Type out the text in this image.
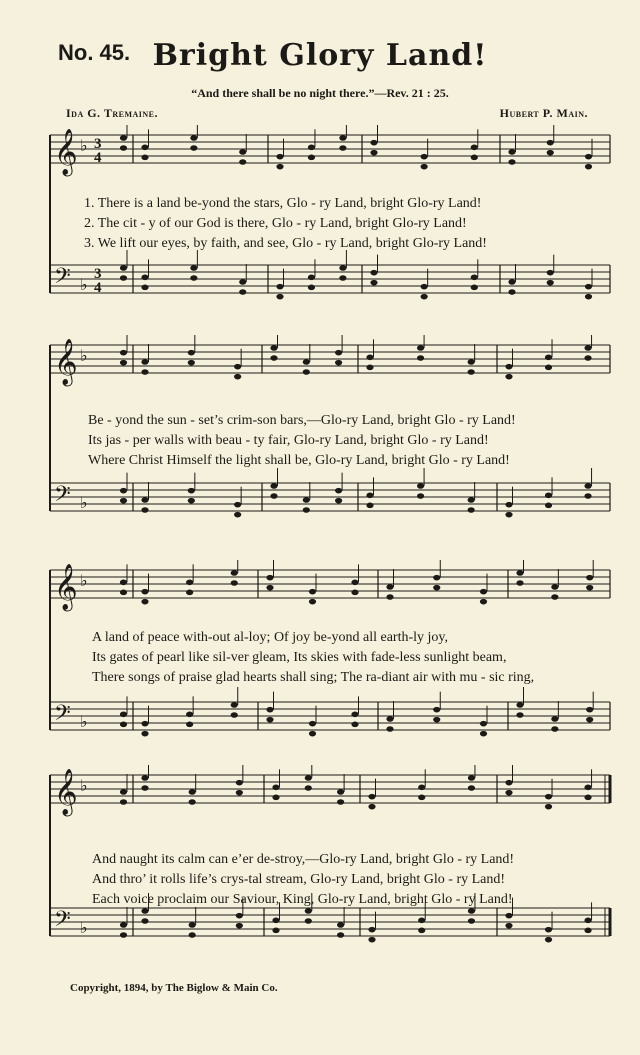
No. 45. Bright Glory Land!
“And there shall be no night there.”—Rev. 21 : 25.
Ida G. Tremaine.	Hubert P. Main.
𝄞 ♭ 3
4
𝄢 ♭
3
4
𝄞 ♭
𝄢 ♭
𝄞 ♭
𝄢 ♭
𝄞 ♭
𝄢 ♭
1. There is a land be-yond the stars, Glo - ry Land, bright Glo-ry Land!
2. The cit - y of our God is there, Glo - ry Land, bright Glo-ry Land!
3. We lift our eyes, by faith, and see, Glo - ry Land, bright Glo-ry Land!
Be - yond the sun - set’s crim-son bars,—Glo-ry Land, bright Glo - ry Land!
Its jas - per walls with beau - ty fair, Glo-ry Land, bright Glo - ry Land!
Where Christ Himself the light shall be, Glo-ry Land, bright Glo - ry Land!
A land of peace with-out al-loy; Of joy be-yond all earth-ly joy,
Its gates of pearl like sil-ver gleam, Its skies with fade-less sunlight beam,
There songs of praise glad hearts shall sing; The ra-diant air with mu - sic ring,
And naught its calm can e’er de-stroy,—Glo-ry Land, bright Glo - ry Land!
And thro’ it rolls life’s crys-tal stream, Glo-ry Land, bright Glo - ry Land!
Each voice proclaim our Saviour, King, Glo-ry Land, bright Glo - ry Land!
Copyright, 1894, by The Biglow & Main Co.
